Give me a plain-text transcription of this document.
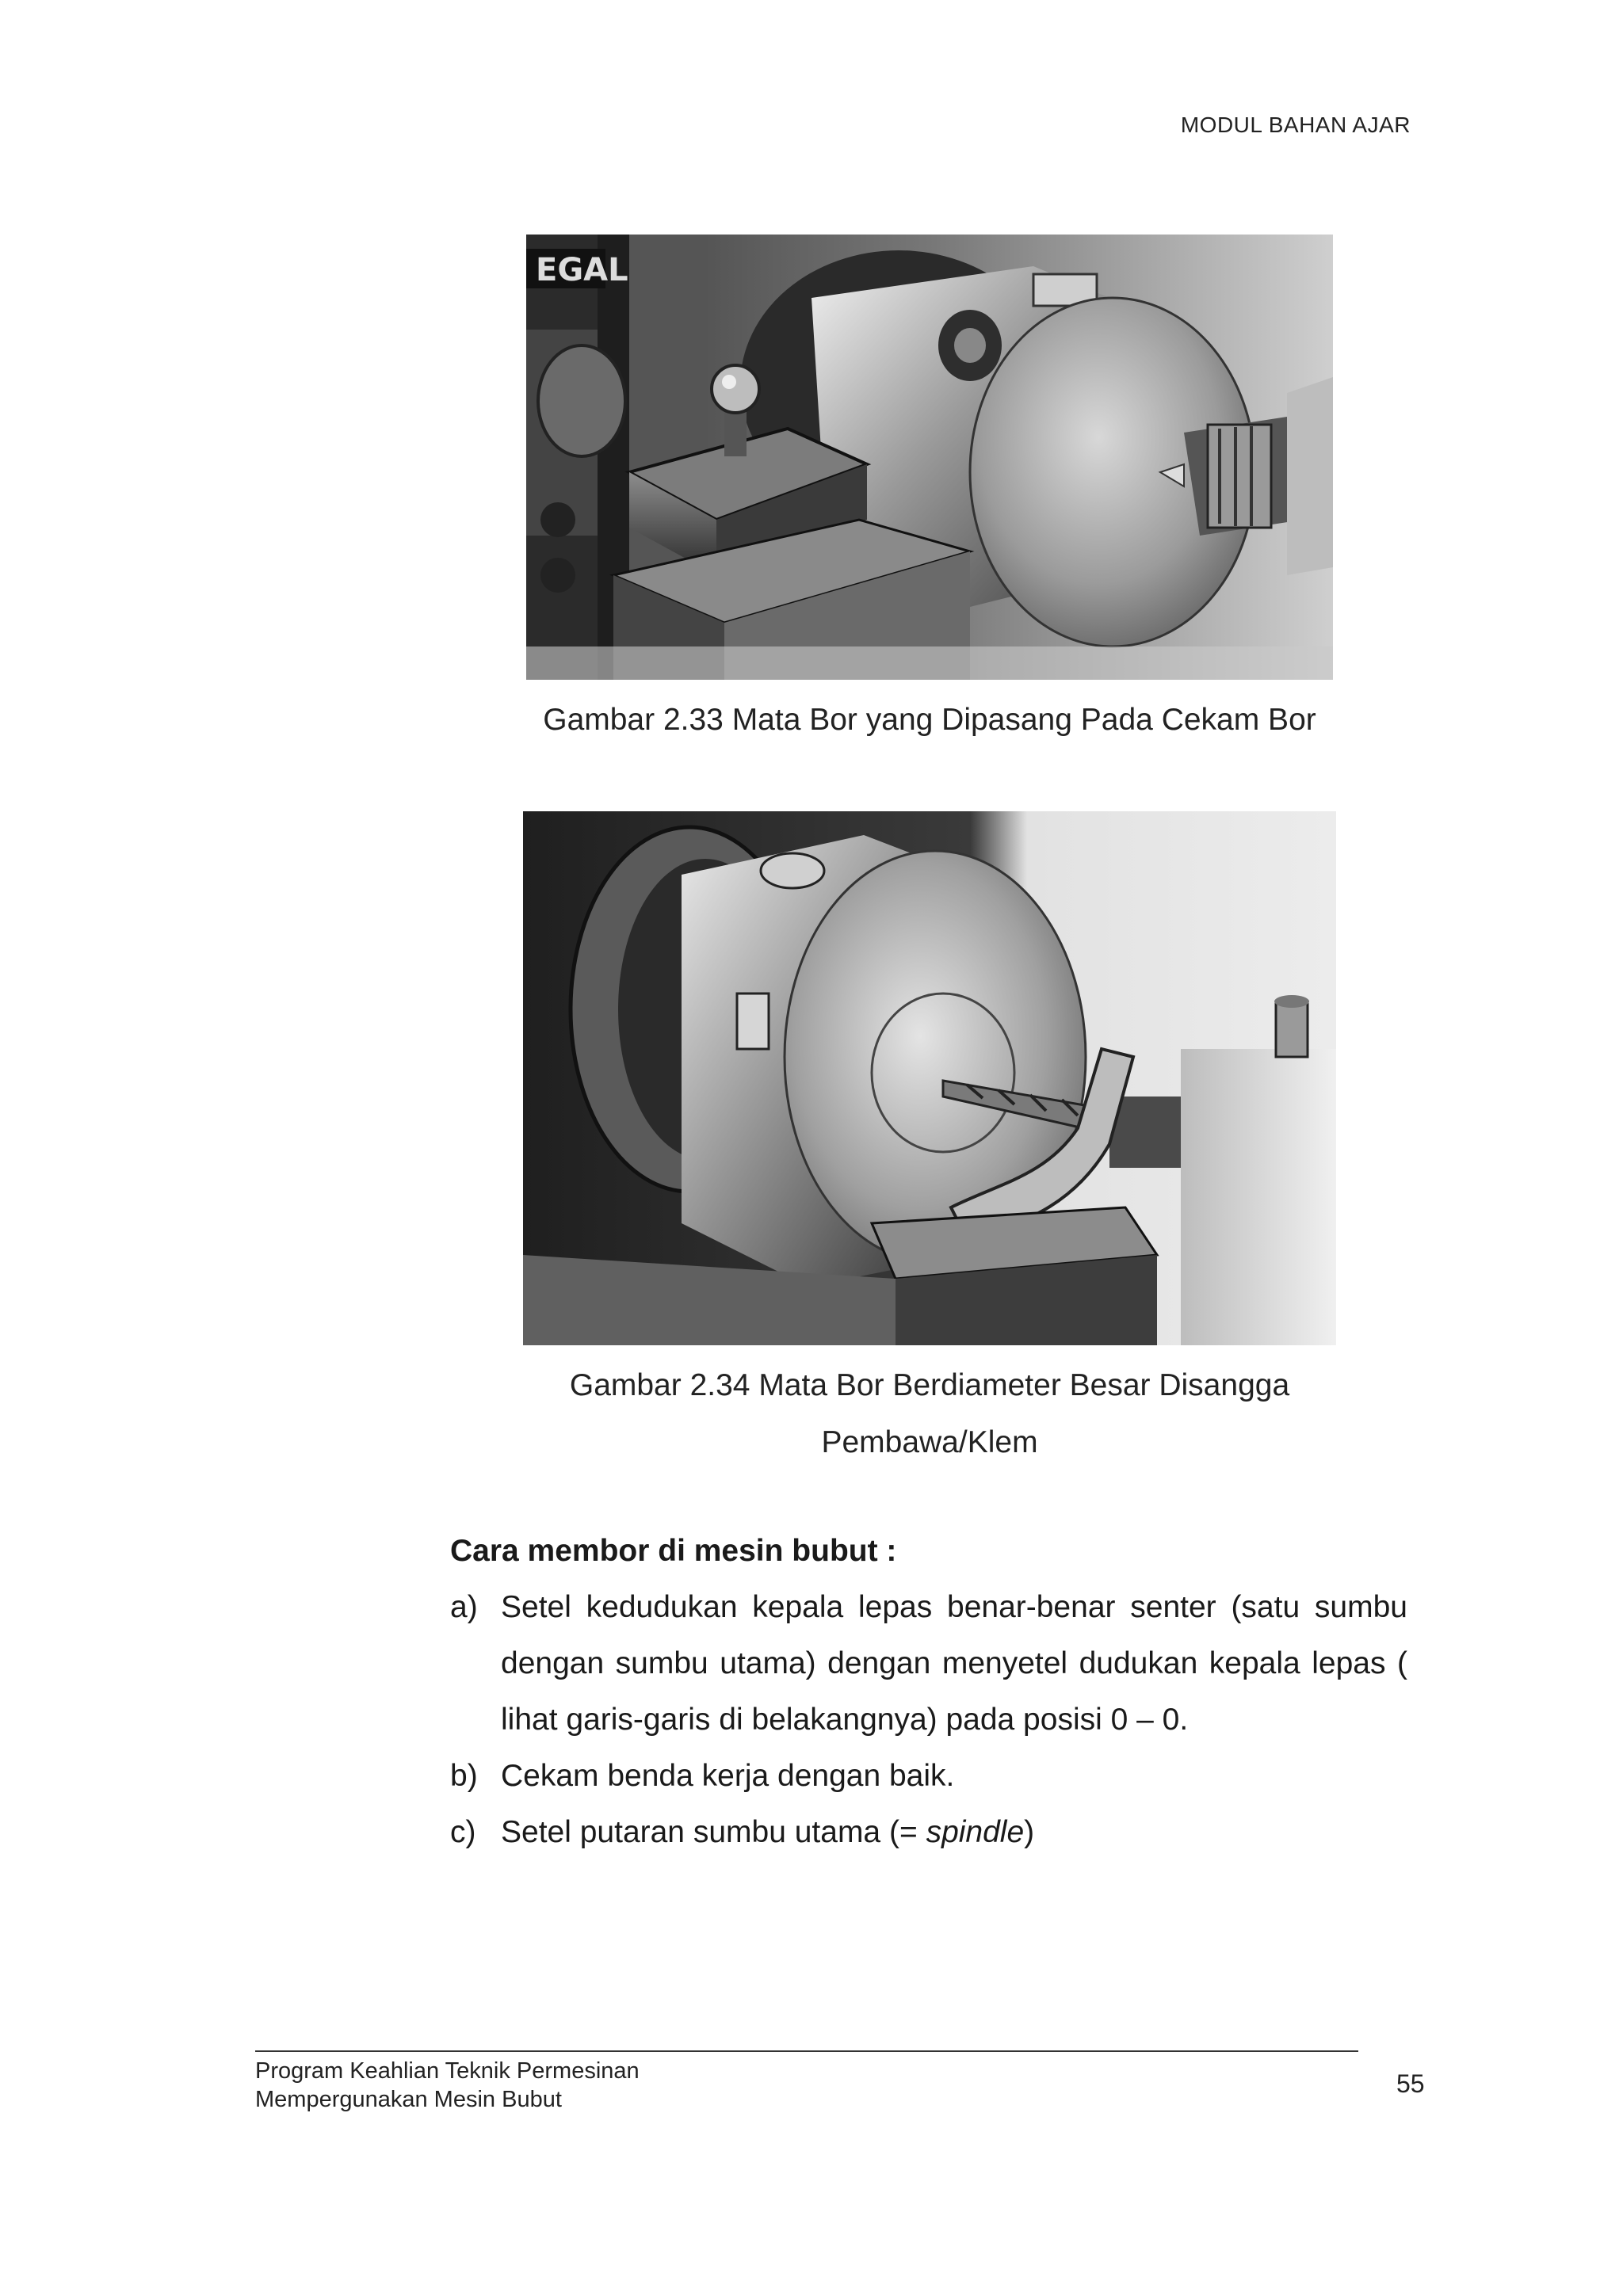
MODUL BAHAN AJAR
EGAL
Gambar 2.33 Mata Bor yang Dipasang Pada Cekam Bor
Gambar 2.34 Mata Bor Berdiameter Besar Disangga
Pembawa/Klem
Cara membor di mesin bubut :
a) Setel kedudukan kepala lepas benar-benar senter (satu sumbu dengan sumbu utama) dengan menyetel dudukan kepala lepas ( lihat garis-garis di belakangnya) pada posisi 0 – 0.
b) Cekam benda kerja dengan baik.
c) Setel putaran sumbu utama (= spindle)
Program Keahlian Teknik Permesinan
Mempergunakan Mesin Bubut
55
